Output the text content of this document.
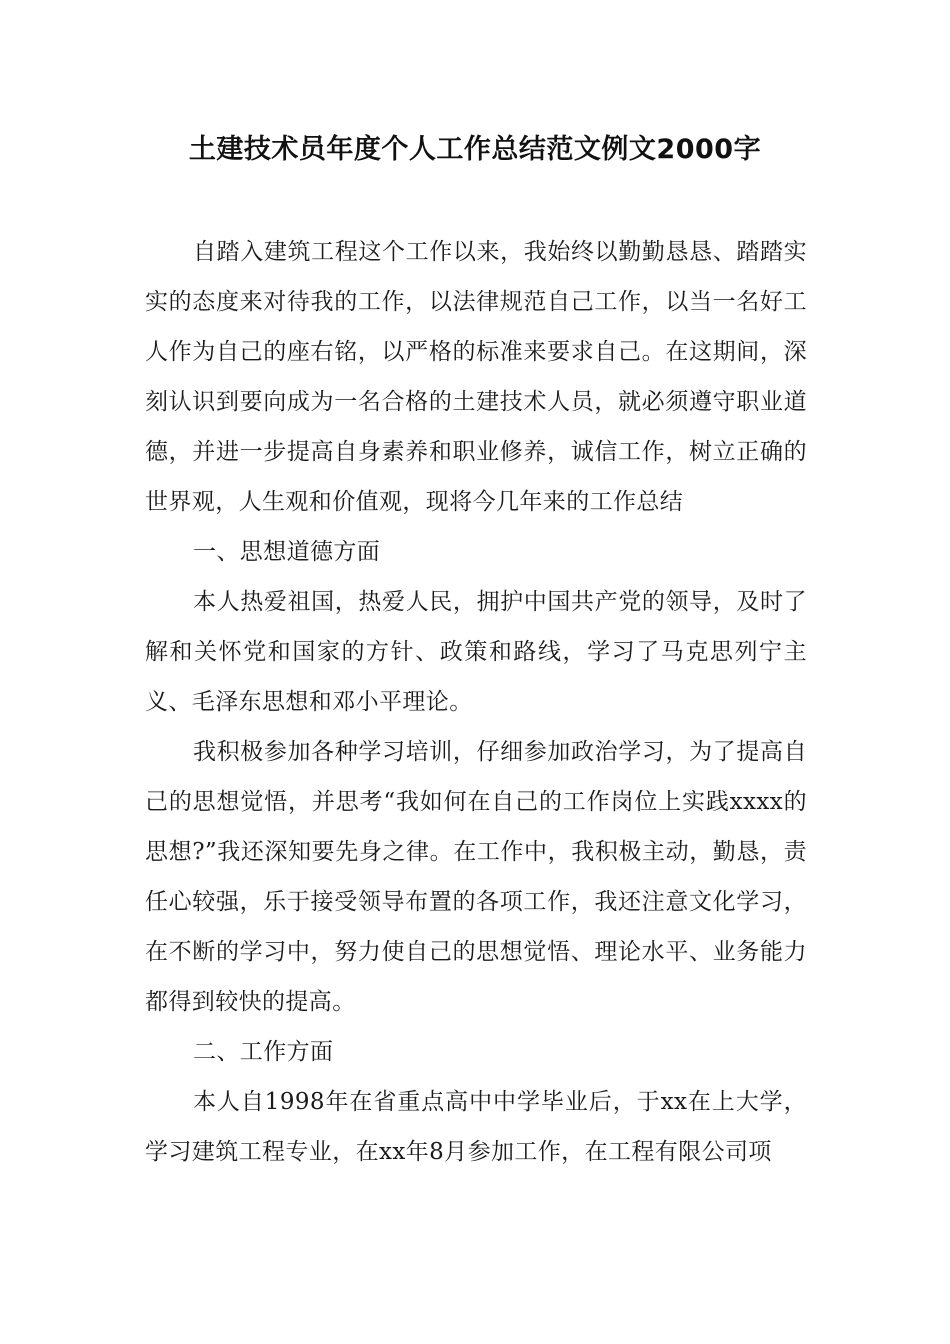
土建技术员年度个人工作总结范文例文2000字

自踏入建筑工程这个工作以来，我始终以勤勤恳恳、踏踏实实的态度来对待我的工作，以法律规范自己工作，以当一名好工人作为自己的座右铭，以严格的标准来要求自己。在这期间，深刻认识到要向成为一名合格的土建技术人员，就必须遵守职业道德，并进一步提高自身素养和职业修养，诚信工作，树立正确的世界观，人生观和价值观，现将今几年来的工作总结

一、思想道德方面

本人热爱祖国，热爱人民，拥护中国共产党的领导，及时了解和关怀党和国家的方针、政策和路线，学习了马克思列宁主义、毛泽东思想和邓小平理论。

我积极参加各种学习培训，仔细参加政治学习，为了提高自己的思想觉悟，并思考“我如何在自己的工作岗位上实践xxxx的思想?”我还深知要先身之律。在工作中，我积极主动，勤恳，责任心较强，乐于接受领导布置的各项工作，我还注意文化学习，在不断的学习中，努力使自己的思想觉悟、理论水平、业务能力都得到较快的提高。

二、工作方面

本人自1998年在省重点高中中学毕业后，于xx在上大学，学习建筑工程专业，在xx年8月参加工作，在工程有限公司项
